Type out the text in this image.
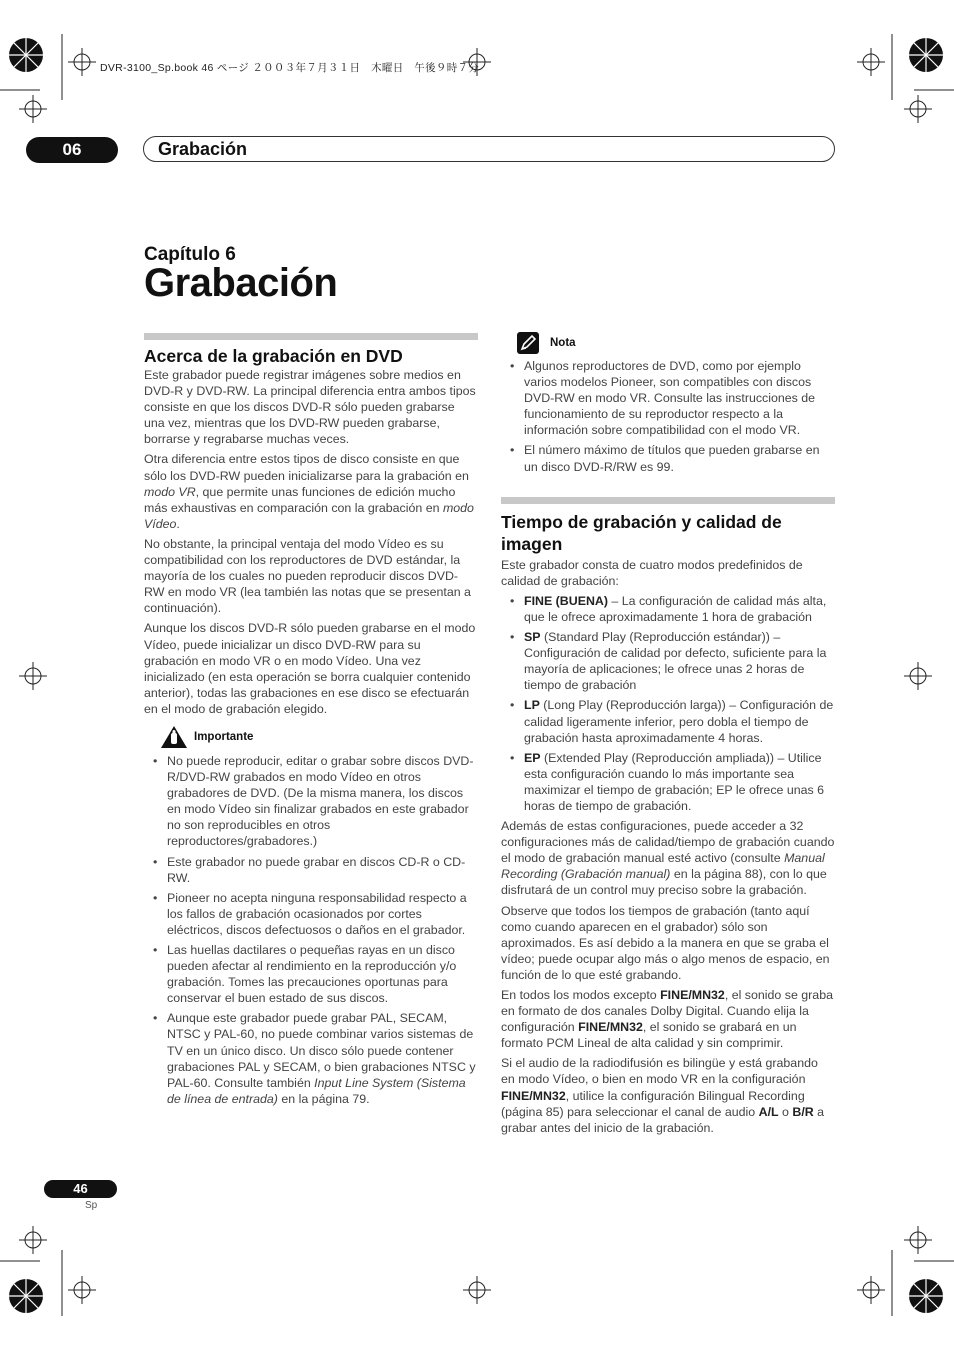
DVR-3100_Sp.book 46 ページ ２００３年７月３１日　木曜日　午後９時７分
06	Grabación
Capítulo 6
Grabación
Acerca de la grabación en DVD

Este grabador puede registrar imágenes sobre medios en DVD-R y DVD-RW. La principal diferencia entra ambos tipos consiste en que los discos DVD-R sólo pueden grabarse una vez, mientras que los DVD-RW pueden grabarse, borrarse y regrabarse muchas veces.

Otra diferencia entre estos tipos de disco consiste en que sólo los DVD-RW pueden inicializarse para la grabación en modo VR, que permite unas funciones de edición mucho más exhaustivas en comparación con la grabación en modo Vídeo.

No obstante, la principal ventaja del modo Vídeo es su compatibilidad con los reproductores de DVD estándar, la mayoría de los cuales no pueden reproducir discos DVD-RW en modo VR (lea también las notas que se presentan a continuación).

Aunque los discos DVD-R sólo pueden grabarse en el modo Vídeo, puede inicializar un disco DVD-RW para su grabación en modo VR o en modo Vídeo. Una vez inicializado (en esta operación se borra cualquier contenido anterior), todas las grabaciones en ese disco se efectuarán en el modo de grabación elegido.

Importante
• No puede reproducir, editar o grabar sobre discos DVD-R/DVD-RW grabados en modo Vídeo en otros grabadores de DVD. (De la misma manera, los discos en modo Vídeo sin finalizar grabados en este grabador no son reproducibles en otros reproductores/grabadores.)
• Este grabador no puede grabar en discos CD-R o CD-RW.
• Pioneer no acepta ninguna responsabilidad respecto a los fallos de grabación ocasionados por cortes eléctricos, discos defectuosos o daños en el grabador.
• Las huellas dactilares o pequeñas rayas en un disco pueden afectar al rendimiento en la reproducción y/o grabación. Tomes las precauciones oportunas para conservar el buen estado de sus discos.
• Aunque este grabador puede grabar PAL, SECAM, NTSC y PAL-60, no puede combinar varios sistemas de TV en un único disco. Un disco sólo puede contener grabaciones PAL y SECAM, o bien grabaciones NTSC y PAL-60. Consulte también Input Line System (Sistema de línea de entrada) en la página 79.
Nota
• Algunos reproductores de DVD, como por ejemplo varios modelos Pioneer, son compatibles con discos DVD-RW en modo VR. Consulte las instrucciones de funcionamiento de su reproductor respecto a la información sobre compatibilidad con el modo VR.
• El número máximo de títulos que pueden grabarse en un disco DVD-R/RW es 99.
Tiempo de grabación y calidad de imagen

Este grabador consta de cuatro modos predefinidos de calidad de grabación:

• FINE (BUENA) – La configuración de calidad más alta, que le ofrece aproximadamente 1 hora de grabación
• SP (Standard Play (Reproducción estándar)) – Configuración de calidad por defecto, suficiente para la mayoría de aplicaciones; le ofrece unas 2 horas de tiempo de grabación
• LP (Long Play (Reproducción larga)) – Configuración de calidad ligeramente inferior, pero dobla el tiempo de grabación hasta aproximadamente 4 horas.
• EP (Extended Play (Reproducción ampliada)) – Utilice esta configuración cuando lo más importante sea maximizar el tiempo de grabación; EP le ofrece unas 6 horas de tiempo de grabación.

Además de estas configuraciones, puede acceder a 32 configuraciones más de calidad/tiempo de grabación cuando el modo de grabación manual esté activo (consulte Manual Recording (Grabación manual) en la página 88), con lo que disfrutará de un control muy preciso sobre la grabación.

Observe que todos los tiempos de grabación (tanto aquí como cuando aparecen en el grabador) sólo son aproximados. Es así debido a la manera en que se graba el vídeo; puede ocupar algo más o algo menos de espacio, en función de lo que esté grabando.

En todos los modos excepto FINE/MN32, el sonido se graba en formato de dos canales Dolby Digital. Cuando elija la configuración FINE/MN32, el sonido se grabará en un formato PCM Lineal de alta calidad y sin comprimir.

Si el audio de la radiodifusión es bilingüe y está grabando en modo Vídeo, o bien en modo VR en la configuración FINE/MN32, utilice la configuración Bilingual Recording (página 85) para seleccionar el canal de audio A/L o B/R a grabar antes del inicio de la grabación.

46
Sp
